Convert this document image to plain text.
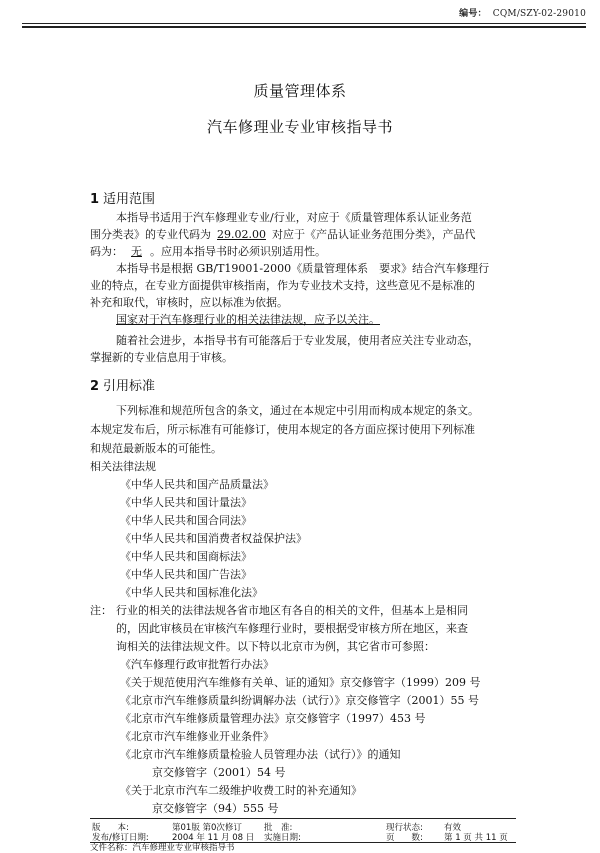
编号： CQM/SZY-02-29010
质量管理体系
汽车修理业专业审核指导书
1 适用范围
本指导书适用于汽车修理业专业/行业，对应于《质量管理体系认证业务范
围分类表》的专业代码为 29.02.00 对应于《产品认证业务范围分类》，产品代
码为： 无 。应用本指导书时必须识别适用性。
本指导书是根据 GB/T19001-2000《质量管理体系　要求》结合汽车修理行
业的特点，在专业方面提供审核指南，作为专业技术支持，这些意见不是标准的
补充和取代，审核时，应以标准为依据。
国家对于汽车修理行业的相关法律法规，应予以关注。
随着社会进步，本指导书有可能落后于专业发展，使用者应关注专业动态，
掌握新的专业信息用于审核。
2 引用标准
下列标准和规范所包含的条文，通过在本规定中引用而构成本规定的条文。
本规定发布后，所示标准有可能修订，使用本规定的各方面应探讨使用下列标准
和规范最新版本的可能性。
相关法律法规
《中华人民共和国产品质量法》
《中华人民共和国计量法》
《中华人民共和国合同法》
《中华人民共和国消费者权益保护法》
《中华人民共和国商标法》
《中华人民共和国广告法》
《中华人民共和国标准化法》
注： 行业的相关的法律法规各省市地区有各自的相关的文件，但基本上是相同
的，因此审核员在审核汽车修理行业时，要根据受审核方所在地区，来查
询相关的法律法规文件。以下特以北京市为例，其它省市可参照：
《汽车修理行政审批暂行办法》
《关于规范使用汽车维修有关单、证的通知》京交修管字（1999）209 号
《北京市汽车维修质量纠纷调解办法（试行）》京交修管字（2001）55 号
《北京市汽车维修质量管理办法》京交修管字（1997）453 号
《北京市汽车维修业开业条件》
《北京市汽车维修质量检验人员管理办法（试行）》的通知
京交修管字（2001）54 号
《关于北京市汽车二级维护收费工时的补充通知》
京交修管字（94）555 号
版　　本:	第01版 第0次修订	批　准:	现行状态: 有效
发布/修订日期:	2004 年 11 月 08 日 实施日期:	页　　数: 第 1 页 共 11 页
文件名称：汽车修理业专业审核指导书
